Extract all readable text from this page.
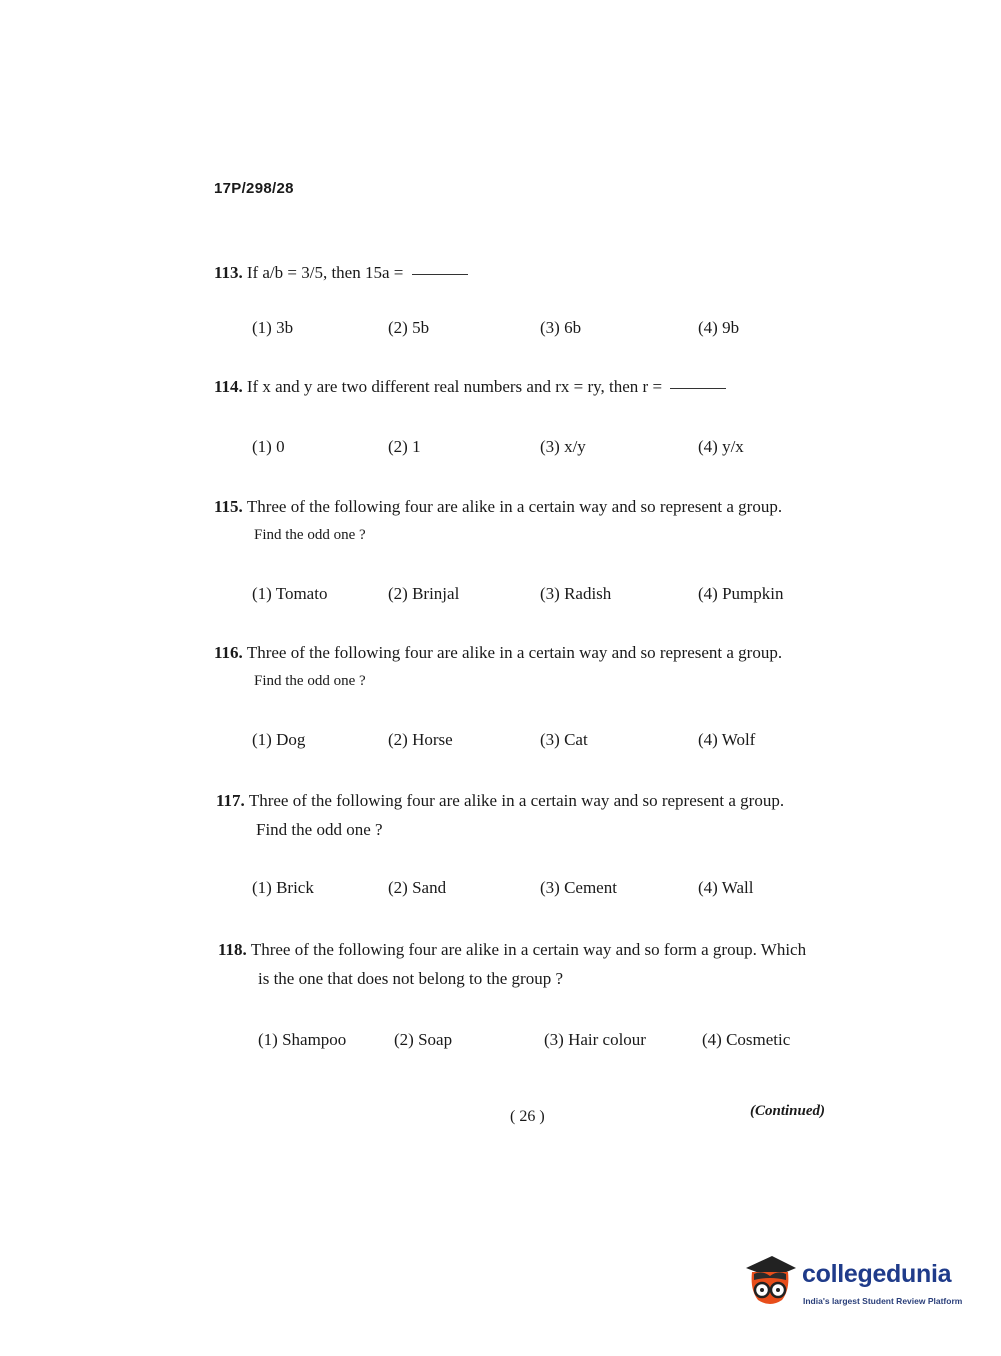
17P/298/28
113. If a/b = 3/5, then 15a =
(1) 3b	(2) 5b	(3) 6b	(4) 9b
114. If x and y are two different real numbers and rx = ry, then r =
(1) 0	(2) 1	(3) x/y	(4) y/x
115. Three of the following four are alike in a certain way and so represent a group.
Find the odd one ?
(1) Tomato	(2) Brinjal	(3) Radish	(4) Pumpkin
116. Three of the following four are alike in a certain way and so represent a group.
Find the odd one ?
(1) Dog	(2) Horse	(3) Cat	(4) Wolf
117. Three of the following four are alike in a certain way and so represent a group.
Find the odd one ?
(1) Brick	(2) Sand	(3) Cement	(4) Wall
118. Three of the following four are alike in a certain way and so form a group. Which
is the one that does not belong to the group ?
(1) Shampoo	(2) Soap	(3) Hair colour	(4) Cosmetic
( 26 )	(Continued)
collegedunia
India's largest Student Review Platform
